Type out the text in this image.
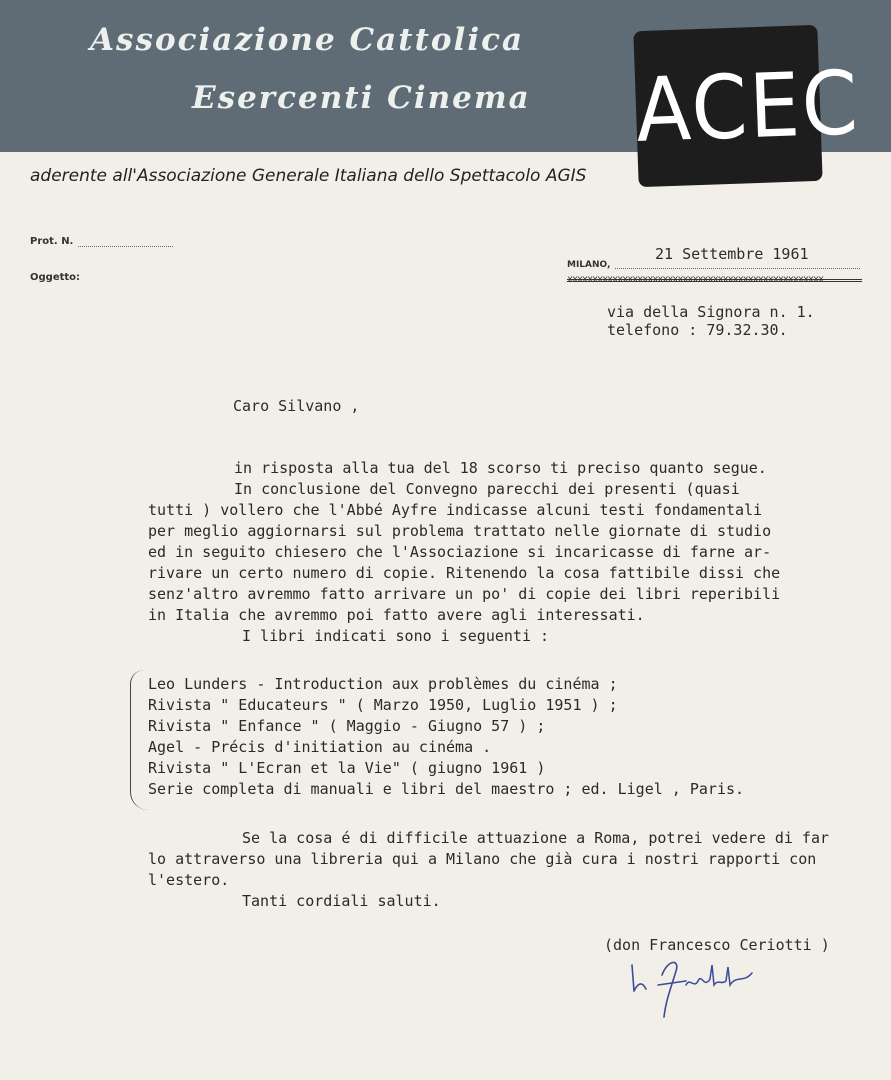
Associazione Cattolica
Esercenti Cinema ACEC
aderente all'Associazione Generale Italiana dello Spettacolo AGIS
Prot. N.
Oggetto:
MILANO,
xxxxxxxxxxxxxxxxxxxxxxxxxxxxxxxxxxxxxxxxxxxxxxxxxxx
21 Settembre 1961
via della Signora n. 1.
telefono : 79.32.30.
Caro Silvano ,
in risposta alla tua del 18 scorso ti preciso quanto segue.
In conclusione del Convegno parecchi dei presenti (quasi
tutti ) vollero che l'Abbé Ayfre indicasse alcuni testi fondamentali
per meglio aggiornarsi sul problema trattato nelle giornate di studio
ed in seguito chiesero che l'Associazione si incaricasse di farne ar-
rivare un certo numero di copie. Ritenendo la cosa fattibile dissi che
senz'altro avremmo fatto arrivare un po' di copie dei libri reperibili
in Italia che avremmo poi fatto avere agli interessati.
I libri indicati sono i seguenti :
Leo Lunders - Introduction aux problèmes du cinéma ;
Rivista " Educateurs " ( Marzo 1950, Luglio 1951 ) ;
Rivista " Enfance " ( Maggio - Giugno 57 ) ;
Agel - Précis d'initiation au cinéma .
Rivista " L'Ecran et la Vie" ( giugno 1961 )
Serie completa di manuali e libri del maestro ; ed. Ligel , Paris.
Se la cosa é di difficile attuazione a Roma, potrei vedere di far
lo attraverso una libreria qui a Milano che già cura i nostri rapporti con
l'estero.
Tanti cordiali saluti.
(don Francesco Ceriotti )
